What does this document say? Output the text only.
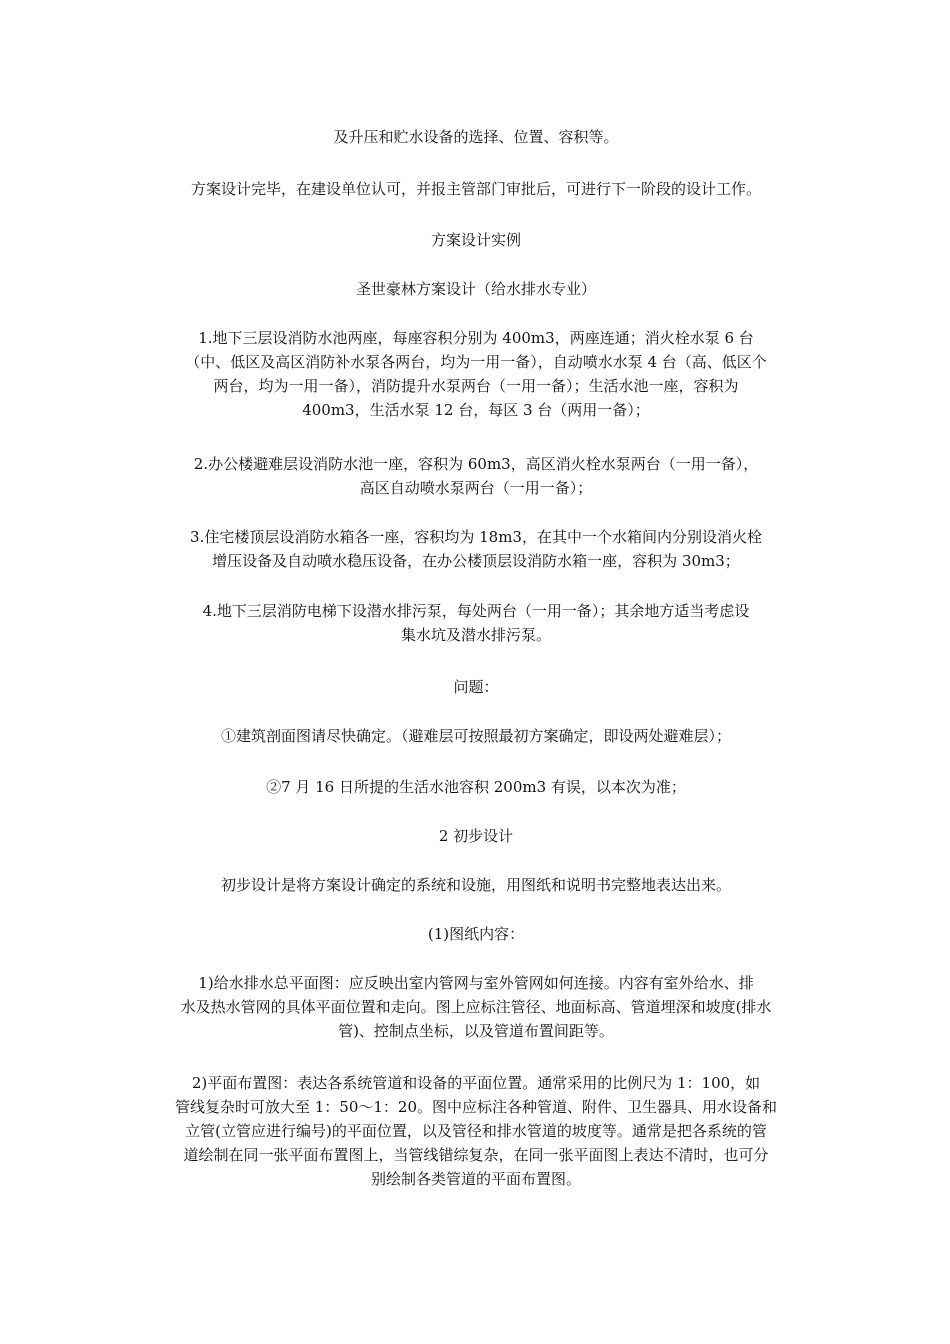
及升压和贮水设备的选择、位置、容积等。

方案设计完毕，在建设单位认可，并报主管部门审批后，可进行下一阶段的设计工作。

方案设计实例

圣世豪林方案设计（给水排水专业）

1.地下三层设消防水池两座，每座容积分别为 400m3，两座连通；消火栓水泵 6 台
（中、低区及高区消防补水泵各两台，均为一用一备），自动喷水水泵 4 台（高、低区个
两台，均为一用一备），消防提升水泵两台（一用一备）；生活水池一座，容积为
400m3，生活水泵 12 台，每区 3 台（两用一备）；

2.办公楼避难层设消防水池一座，容积为 60m3，高区消火栓水泵两台（一用一备），
高区自动喷水泵两台（一用一备）；

3.住宅楼顶层设消防水箱各一座，容积均为 18m3，在其中一个水箱间内分别设消火栓
增压设备及自动喷水稳压设备，在办公楼顶层设消防水箱一座，容积为 30m3；

4.地下三层消防电梯下设潜水排污泵，每处两台（一用一备）；其余地方适当考虑设
集水坑及潜水排污泵。

问题：

①建筑剖面图请尽快确定。（避难层可按照最初方案确定，即设两处避难层）；

②7 月 16 日所提的生活水池容积 200m3 有误，以本次为准；

2 初步设计

初步设计是将方案设计确定的系统和设施，用图纸和说明书完整地表达出来。

(1)图纸内容：

1)给水排水总平面图：应反映出室内管网与室外管网如何连接。内容有室外给水、排
水及热水管网的具体平面位置和走向。图上应标注管径、地面标高、管道埋深和坡度(排水
管)、控制点坐标，以及管道布置间距等。

2)平面布置图：表达各系统管道和设备的平面位置。通常采用的比例尺为 1：100，如
管线复杂时可放大至 1：50～1：20。图中应标注各种管道、附件、卫生器具、用水设备和
立管(立管应进行编号)的平面位置，以及管径和排水管道的坡度等。通常是把各系统的管
道绘制在同一张平面布置图上，当管线错综复杂，在同一张平面图上表达不清时，也可分
别绘制各类管道的平面布置图。
